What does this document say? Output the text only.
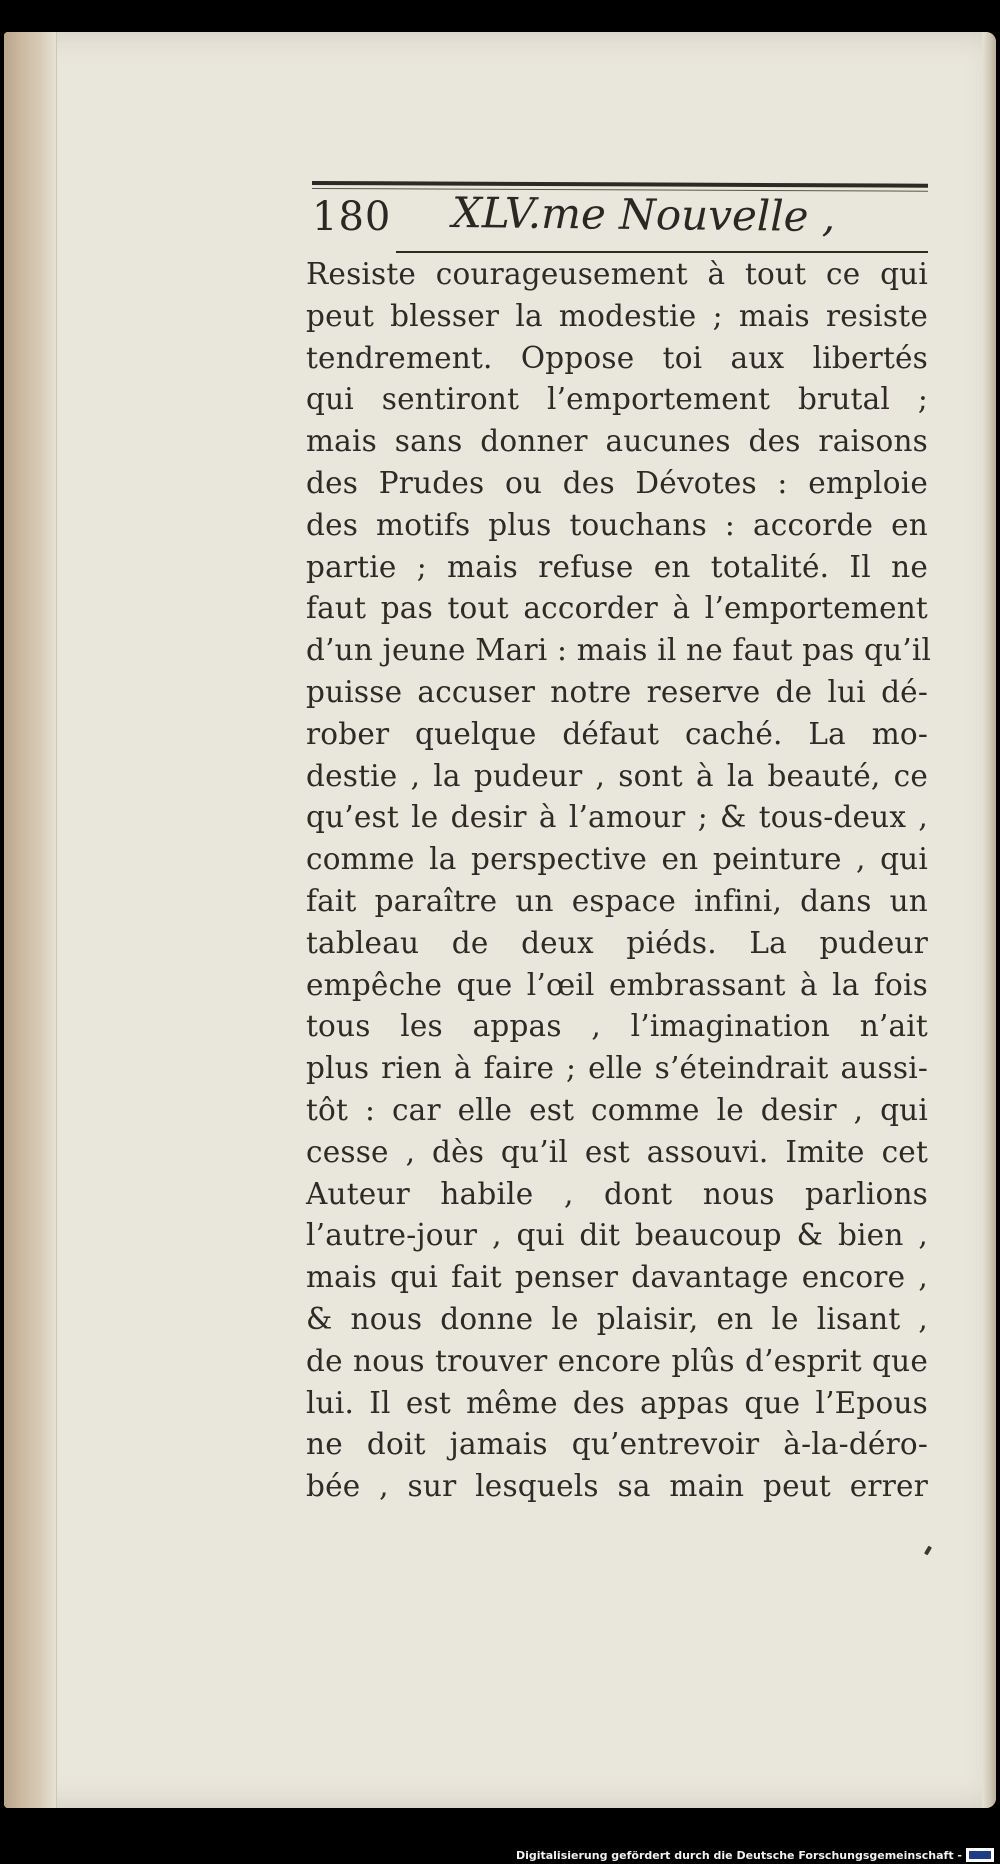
180 XLV.me Nouvelle ,
Resiste courageusement à tout ce qui
peut blesser la modestie ; mais resiste
tendrement. Oppose toi aux libertés
qui sentiront l’emportement brutal ;
mais sans donner aucunes des raisons
des Prudes ou des Dévotes : emploie
des motifs plus touchans : accorde en
partie ; mais refuse en totalité. Il ne
faut pas tout accorder à l’emportement
d’un jeune Mari : mais il ne faut pas qu’il
puisse accuser notre reserve de lui dé-
rober quelque défaut caché. La mo-
destie , la pudeur , sont à la beauté, ce
qu’est le desir à l’amour ; & tous-deux ,
comme la perspective en peinture , qui
fait paraître un espace infini, dans un
tableau de deux piéds. La pudeur
empêche que l’œil embrassant à la fois
tous les appas , l’imagination n’ait
plus rien à faire ; elle s’éteindrait aussi-
tôt : car elle est comme le desir , qui
cesse , dès qu’il est assouvi. Imite cet
Auteur habile , dont nous parlions
l’autre-jour , qui dit beaucoup & bien ,
mais qui fait penser davantage encore ,
& nous donne le plaisir, en le lisant ,
de nous trouver encore plûs d’esprit que
lui. Il est même des appas que l’Epous
ne doit jamais qu’entrevoir à-la-déro-
bée , sur lesquels sa main peut errer
Digitalisierung gefördert durch die Deutsche Forschungsgemeinschaft -
